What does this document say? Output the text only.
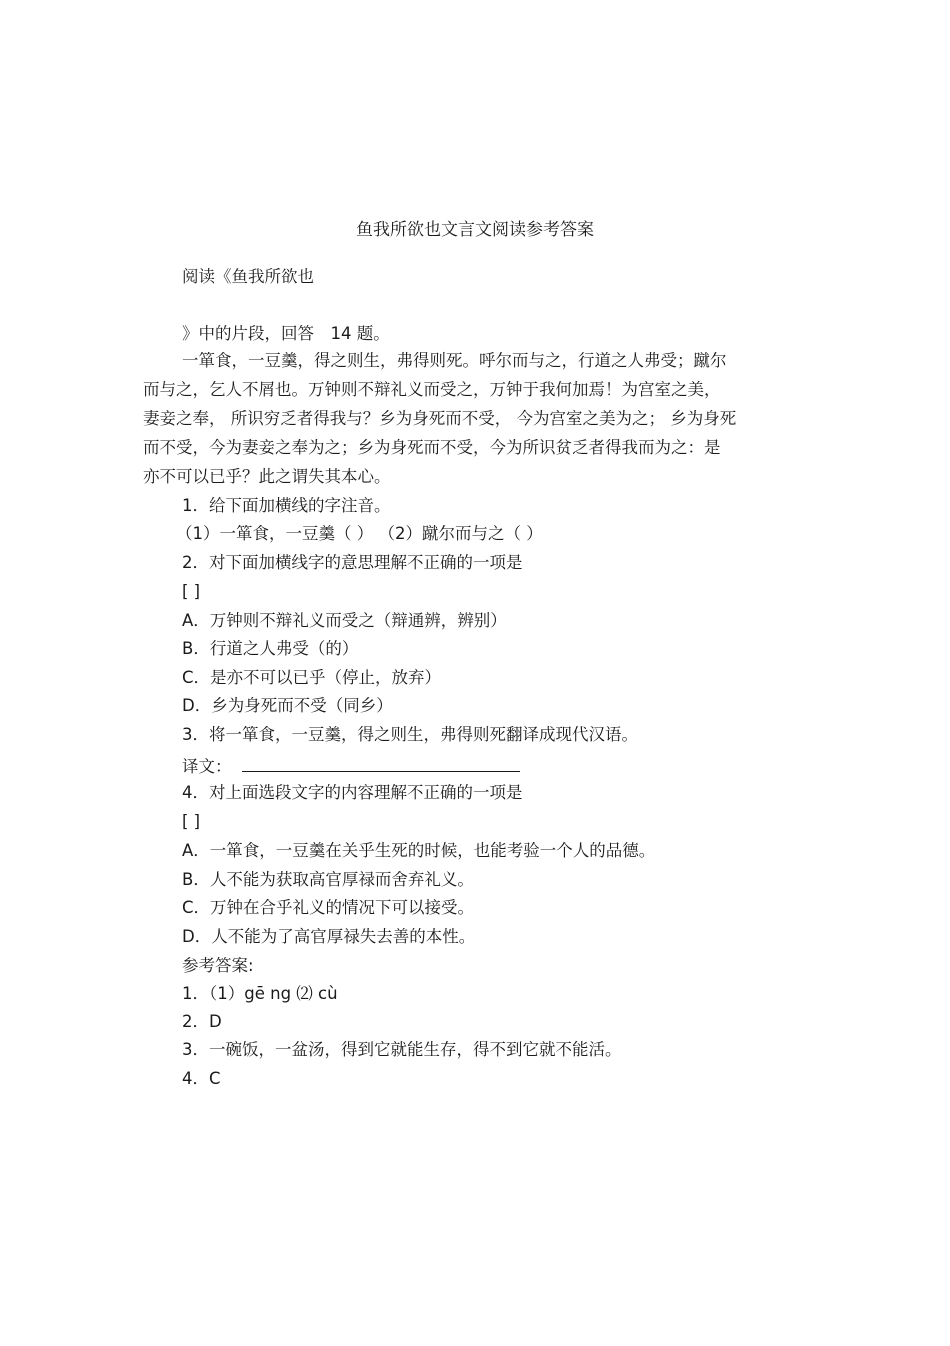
鱼我所欲也文言文阅读参考答案
阅读《鱼我所欲也
》中的片段，回答　14 题。
一箪食，一豆羹，得之则生，弗得则死。呼尔而与之，行道之人弗受；蹴尔
而与之，乞人不屑也。万钟则不辩礼义而受之，万钟于我何加焉！为宫室之美，
妻妾之奉， 所识穷乏者得我与？乡为身死而不受， 今为宫室之美为之； 乡为身死
而不受，今为妻妾之奉为之；乡为身死而不受，今为所识贫乏者得我而为之：是
亦不可以已乎？此之谓失其本心。
1．给下面加横线的字注音。
（1）一箪食，一豆羹（ ） （2）蹴尔而与之（ ）
2．对下面加横线字的意思理解不正确的一项是
[ ]
A．万钟则不辩礼义而受之（辩通辨，辨别）
B．行道之人弗受（的）
C．是亦不可以已乎（停止，放弃）
D．乡为身死而不受（同乡）
3．将一箪食，一豆羹，得之则生，弗得则死翻译成现代汉语。
译文：
4．对上面选段文字的内容理解不正确的一项是
[ ]
A．一箪食，一豆羹在关乎生死的时候，也能考验一个人的品德。
B．人不能为获取高官厚禄而舍弃礼义。
C．万钟在合乎礼义的情况下可以接受。
D．人不能为了高官厚禄失去善的本性。
参考答案:
1．（1）gē ng ⑵ cù
2．D
3．一碗饭，一盆汤，得到它就能生存，得不到它就不能活。
4．C
